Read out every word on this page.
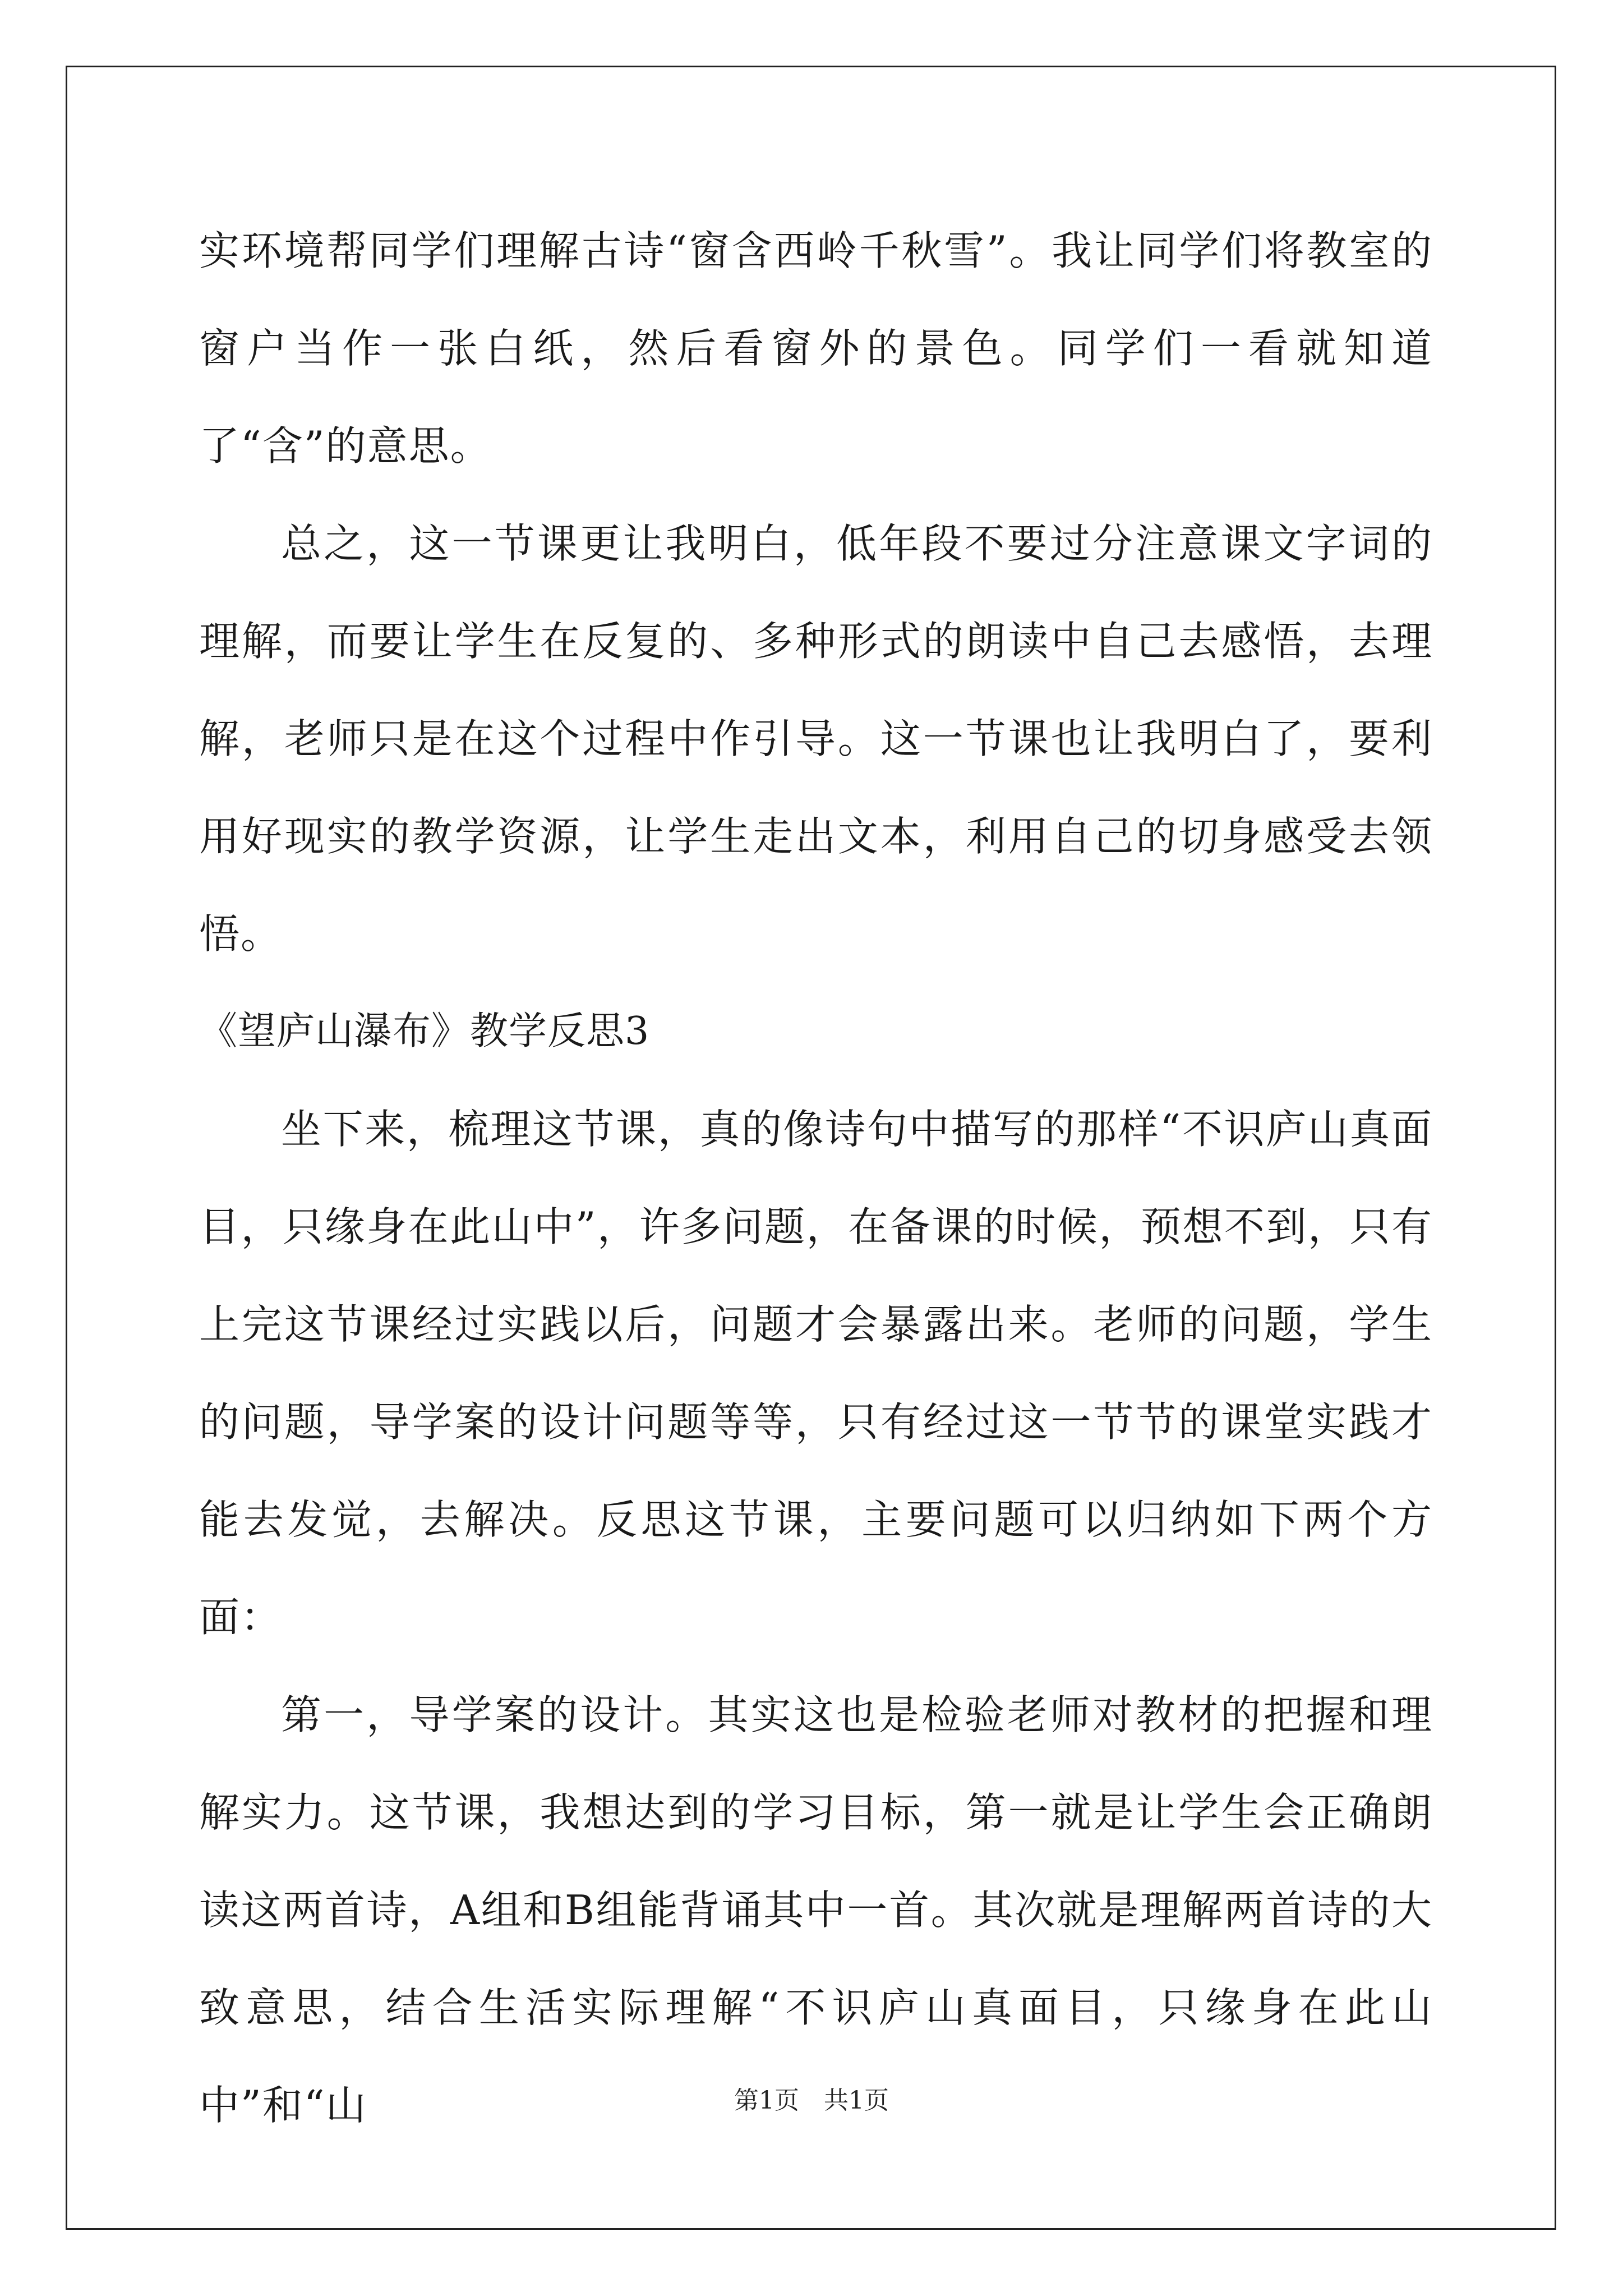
实环境帮同学们理解古诗“窗含西岭千秋雪”。我让同学们将教室的窗户当作一张白纸，然后看窗外的景色。同学们一看就知道了“含”的意思。

总之，这一节课更让我明白，低年段不要过分注意课文字词的理解，而要让学生在反复的、多种形式的朗读中自己去感悟，去理解，老师只是在这个过程中作引导。这一节课也让我明白了，要利用好现实的教学资源，让学生走出文本，利用自己的切身感受去领悟。

《望庐山瀑布》教学反思3

坐下来，梳理这节课，真的像诗句中描写的那样“不识庐山真面目，只缘身在此山中”，许多问题，在备课的时候，预想不到，只有上完这节课经过实践以后，问题才会暴露出来。老师的问题，学生的问题，导学案的设计问题等等，只有经过这一节节的课堂实践才能去发觉，去解决。反思这节课，主要问题可以归纳如下两个方面：

第一，导学案的设计。其实这也是检验老师对教材的把握和理解实力。这节课，我想达到的学习目标，第一就是让学生会正确朗读这两首诗，A组和B组能背诵其中一首。其次就是理解两首诗的大致意思，结合生活实际理解“不识庐山真面目，只缘身在此山中”和“山	第1页 共1页
